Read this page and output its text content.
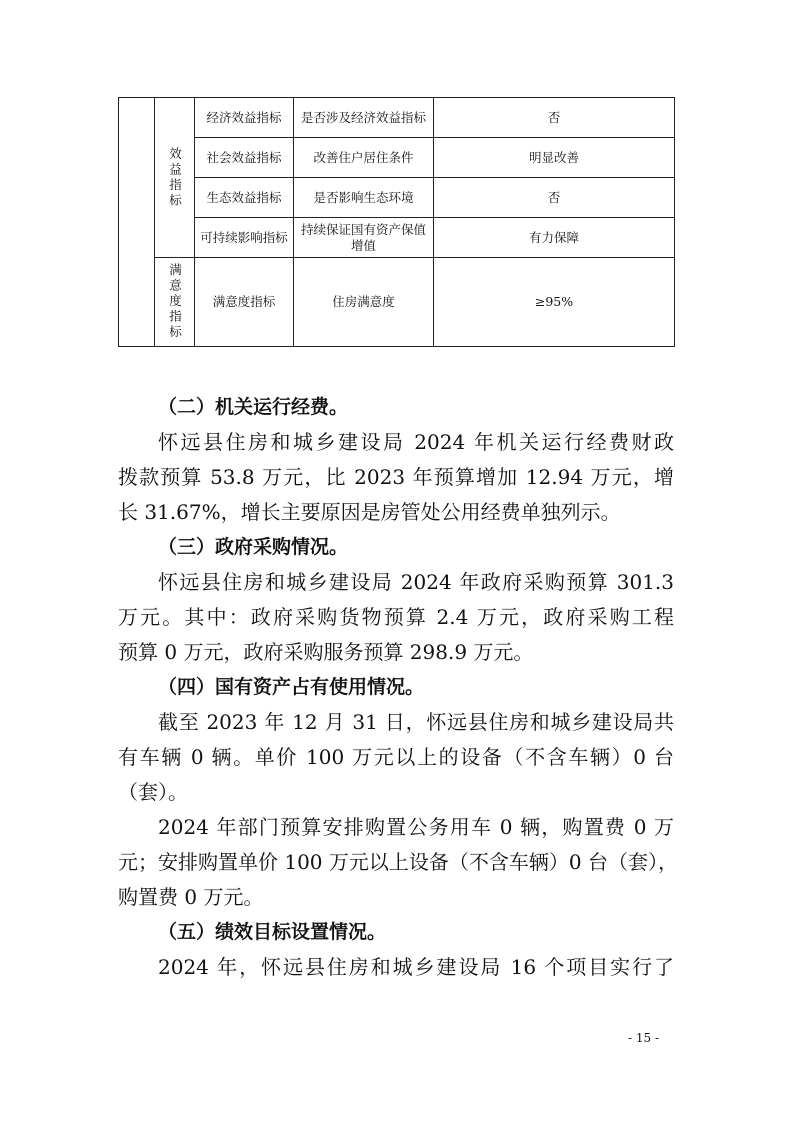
	效益指标	经济效益指标	是否涉及经济效益指标	否
		社会效益指标	改善住户居住条件	明显改善
		生态效益指标	是否影响生态环境	否
		可持续影响指标	持续保证国有资产保值增值	有力保障
	满意度指标	满意度指标	住房满意度	≥95%
（二）机关运行经费。
怀远县住房和城乡建设局 2024 年机关运行经费财政
拨款预算 53.8 万元，比 2023 年预算增加 12.94 万元，增
长 31.67%，增长主要原因是房管处公用经费单独列示。
（三）政府采购情况。
怀远县住房和城乡建设局 2024 年政府采购预算 301.3
万元。其中：政府采购货物预算 2.4 万元，政府采购工程
预算 0 万元，政府采购服务预算 298.9 万元。
（四）国有资产占有使用情况。
截至 2023 年 12 月 31 日，怀远县住房和城乡建设局共
有车辆 0 辆。单价 100 万元以上的设备（不含车辆）0 台
（套）。
2024 年部门预算安排购置公务用车 0 辆，购置费 0 万
元；安排购置单价 100 万元以上设备（不含车辆）0 台（套），
购置费 0 万元。
（五）绩效目标设置情况。
2024 年，怀远县住房和城乡建设局 16 个项目实行了
- 15 -
